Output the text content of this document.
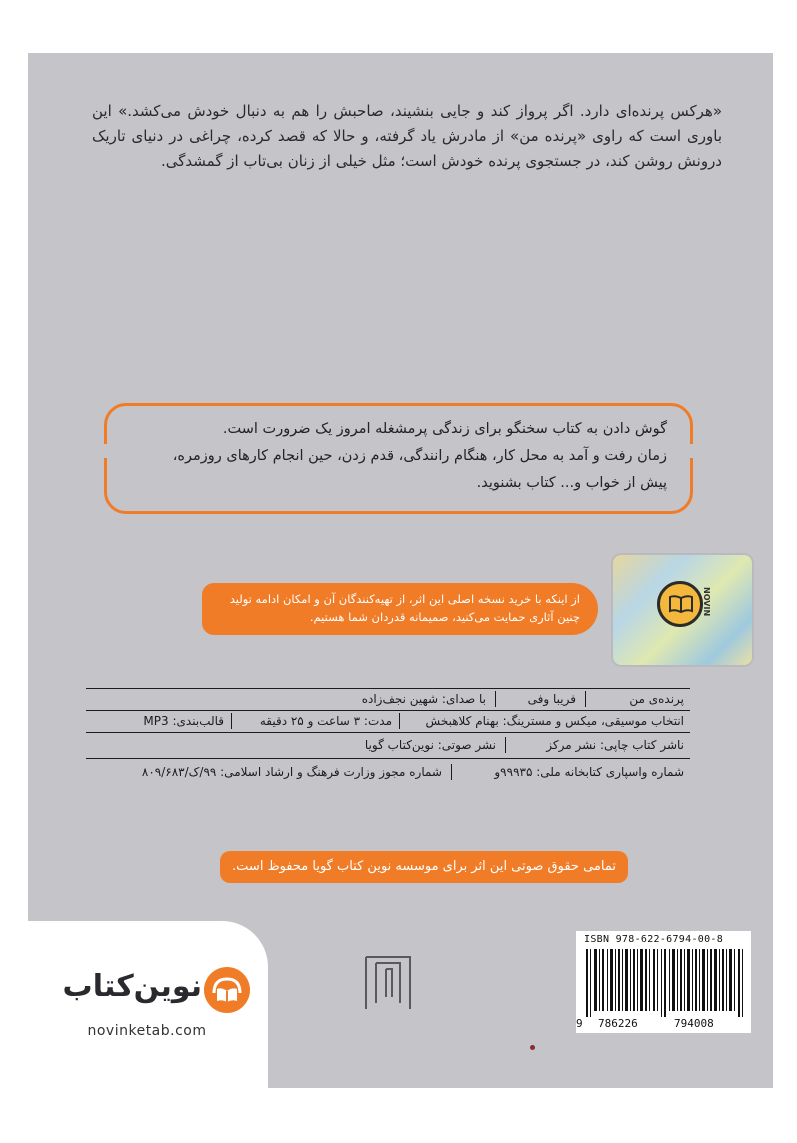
«هرکس پرنده‌ای دارد. اگر پرواز کند و جایی بنشیند، صاحبش را هم به دنبال خودش می‌کشد.» این باوری است که راوی «پرنده من» از مادرش یاد گرفته، و حالا که قصد کرده، چراغی در دنیای تاریک درونش روشن کند، در جستجوی پرنده خودش است؛ مثل خیلی از زنان بی‌تاب از گمشدگی.
گوش دادن به کتاب سخنگو برای زندگی پرمشغله امروز یک ضرورت است.
زمان رفت و آمد به محل کار، هنگام رانندگی، قدم زدن، حین انجام کارهای روزمره،
پیش از خواب و... کتاب بشنوید.
از اینکه با خرید نسخه اصلی این اثر، از تهیه‌کنندگان آن و امکان ادامه تولید چنین آثاری حمایت می‌کنید، صمیمانه قدردان شما هستیم.
NOVIN
پرنده‌ی من
فریبا وفی
با صدای: شهین نجف‌زاده
انتخاب موسیقی، میکس و مسترینگ: بهنام کلاهبخش
مدت: ۳ ساعت و ۲۵ دقیقه
قالب‌بندی: MP3
ناشر کتاب چاپی: نشر مرکز
نشر صوتی: نوین‌کتاب گویا
شماره واسپاری کتابخانه ملی: ۹۹۹۳۵و
شماره مجوز وزارت فرهنگ و ارشاد اسلامی: ۹۹/ک/۸۰۹/۶۸۳
تمامی حقوق صوتی این اثر برای موسسه نوین کتاب گویا محفوظ است.
نوین‌کتاب
novinketab.com
ISBN 978-622-6794-00-8
9 786226	794008
